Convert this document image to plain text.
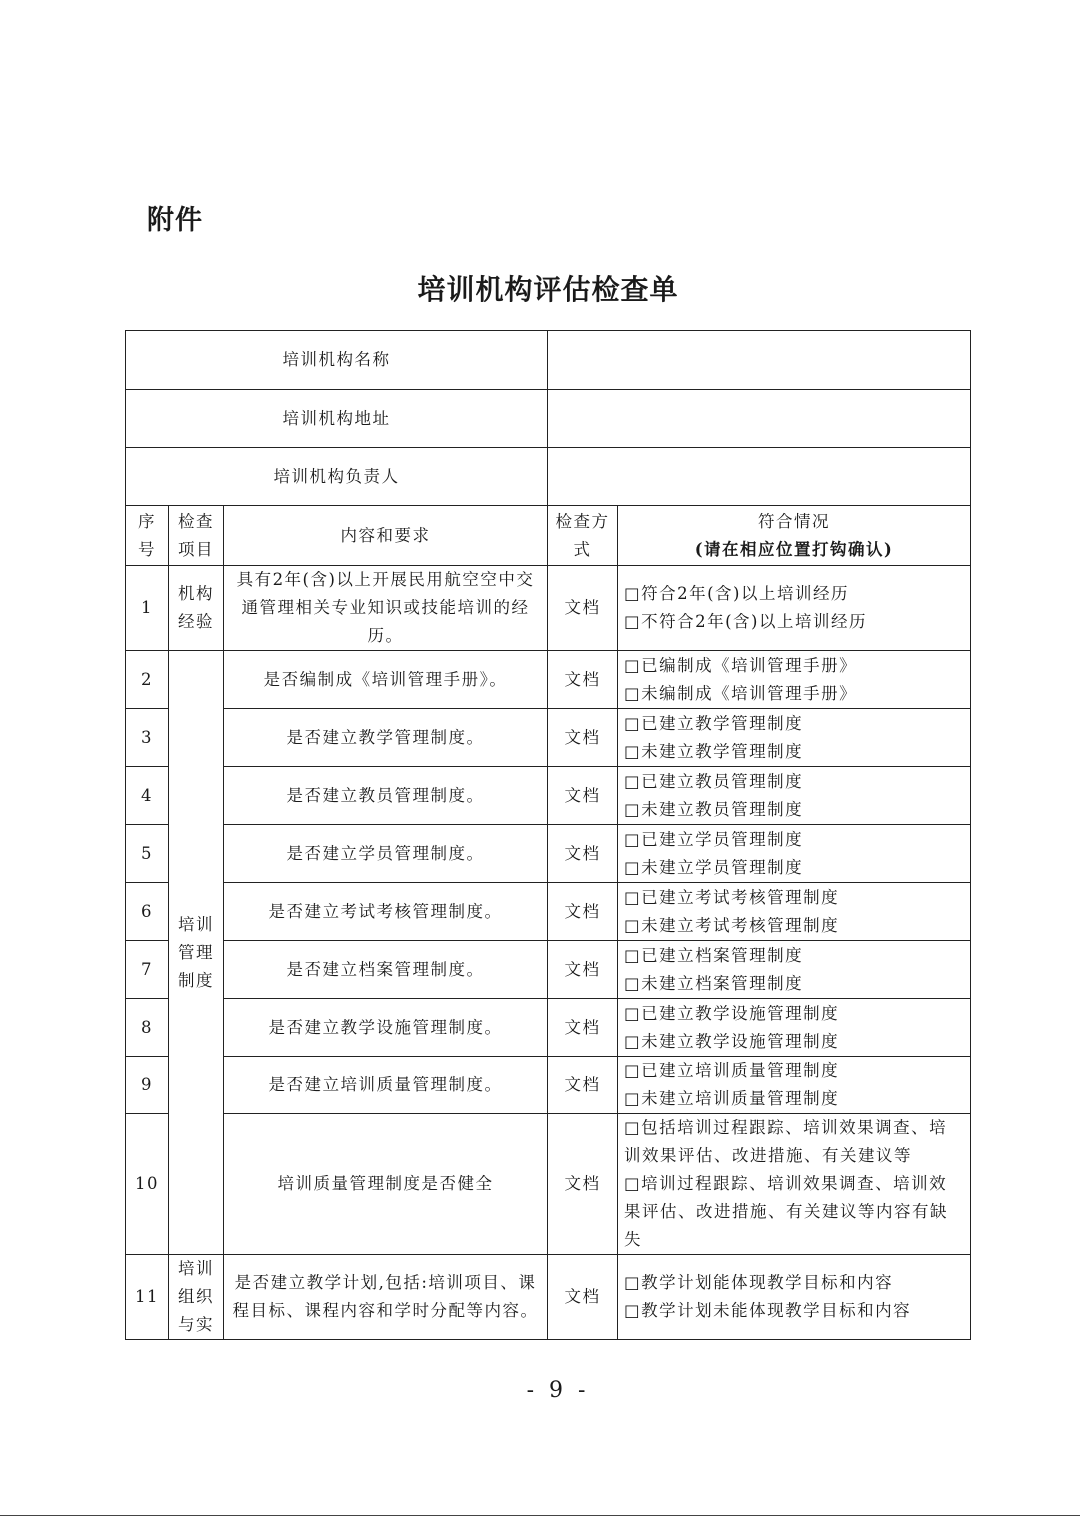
附件
培训机构评估检查单
培训机构名称				
培训机构地址				
培训机构负责人				
序号	检查项目	内容和要求	检查方式	符合情况
(请在相应位置打钩确认)

1	机构经验	具有2年(含)以上开展民用航空空中交通管理相关专业知识或技能培训的经历。	文档	□符合2年(含)以上培训经历
□不符合2年(含)以上培训经历

2	培训管理制度	是否编制成《培训管理手册》。	文档	□已编制成《培训管理手册》
□未编制成《培训管理手册》

3		是否建立教学管理制度。	文档	□已建立教学管理制度
□未建立教学管理制度

4		是否建立教员管理制度。	文档	□已建立教员管理制度
□未建立教员管理制度

5		是否建立学员管理制度。	文档	□已建立学员管理制度
□未建立学员管理制度

6		是否建立考试考核管理制度。	文档	□已建立考试考核管理制度
□未建立考试考核管理制度

7		是否建立档案管理制度。	文档	□已建立档案管理制度
□未建立档案管理制度

8		是否建立教学设施管理制度。	文档	□已建立教学设施管理制度
□未建立教学设施管理制度

9		是否建立培训质量管理制度。	文档	□已建立培训质量管理制度
□未建立培训质量管理制度

10		培训质量管理制度是否健全	文档	□包括培训过程跟踪、培训效果调查、培训效果评估、改进措施、有关建议等
□培训过程跟踪、培训效果调查、培训效果评估、改进措施、有关建议等内容有缺失

11	培训组织与实	是否建立教学计划,包括:培训项目、课程目标、课程内容和学时分配等内容。	文档	□教学计划能体现教学目标和内容
□教学计划未能体现教学目标和内容
- 9 -
